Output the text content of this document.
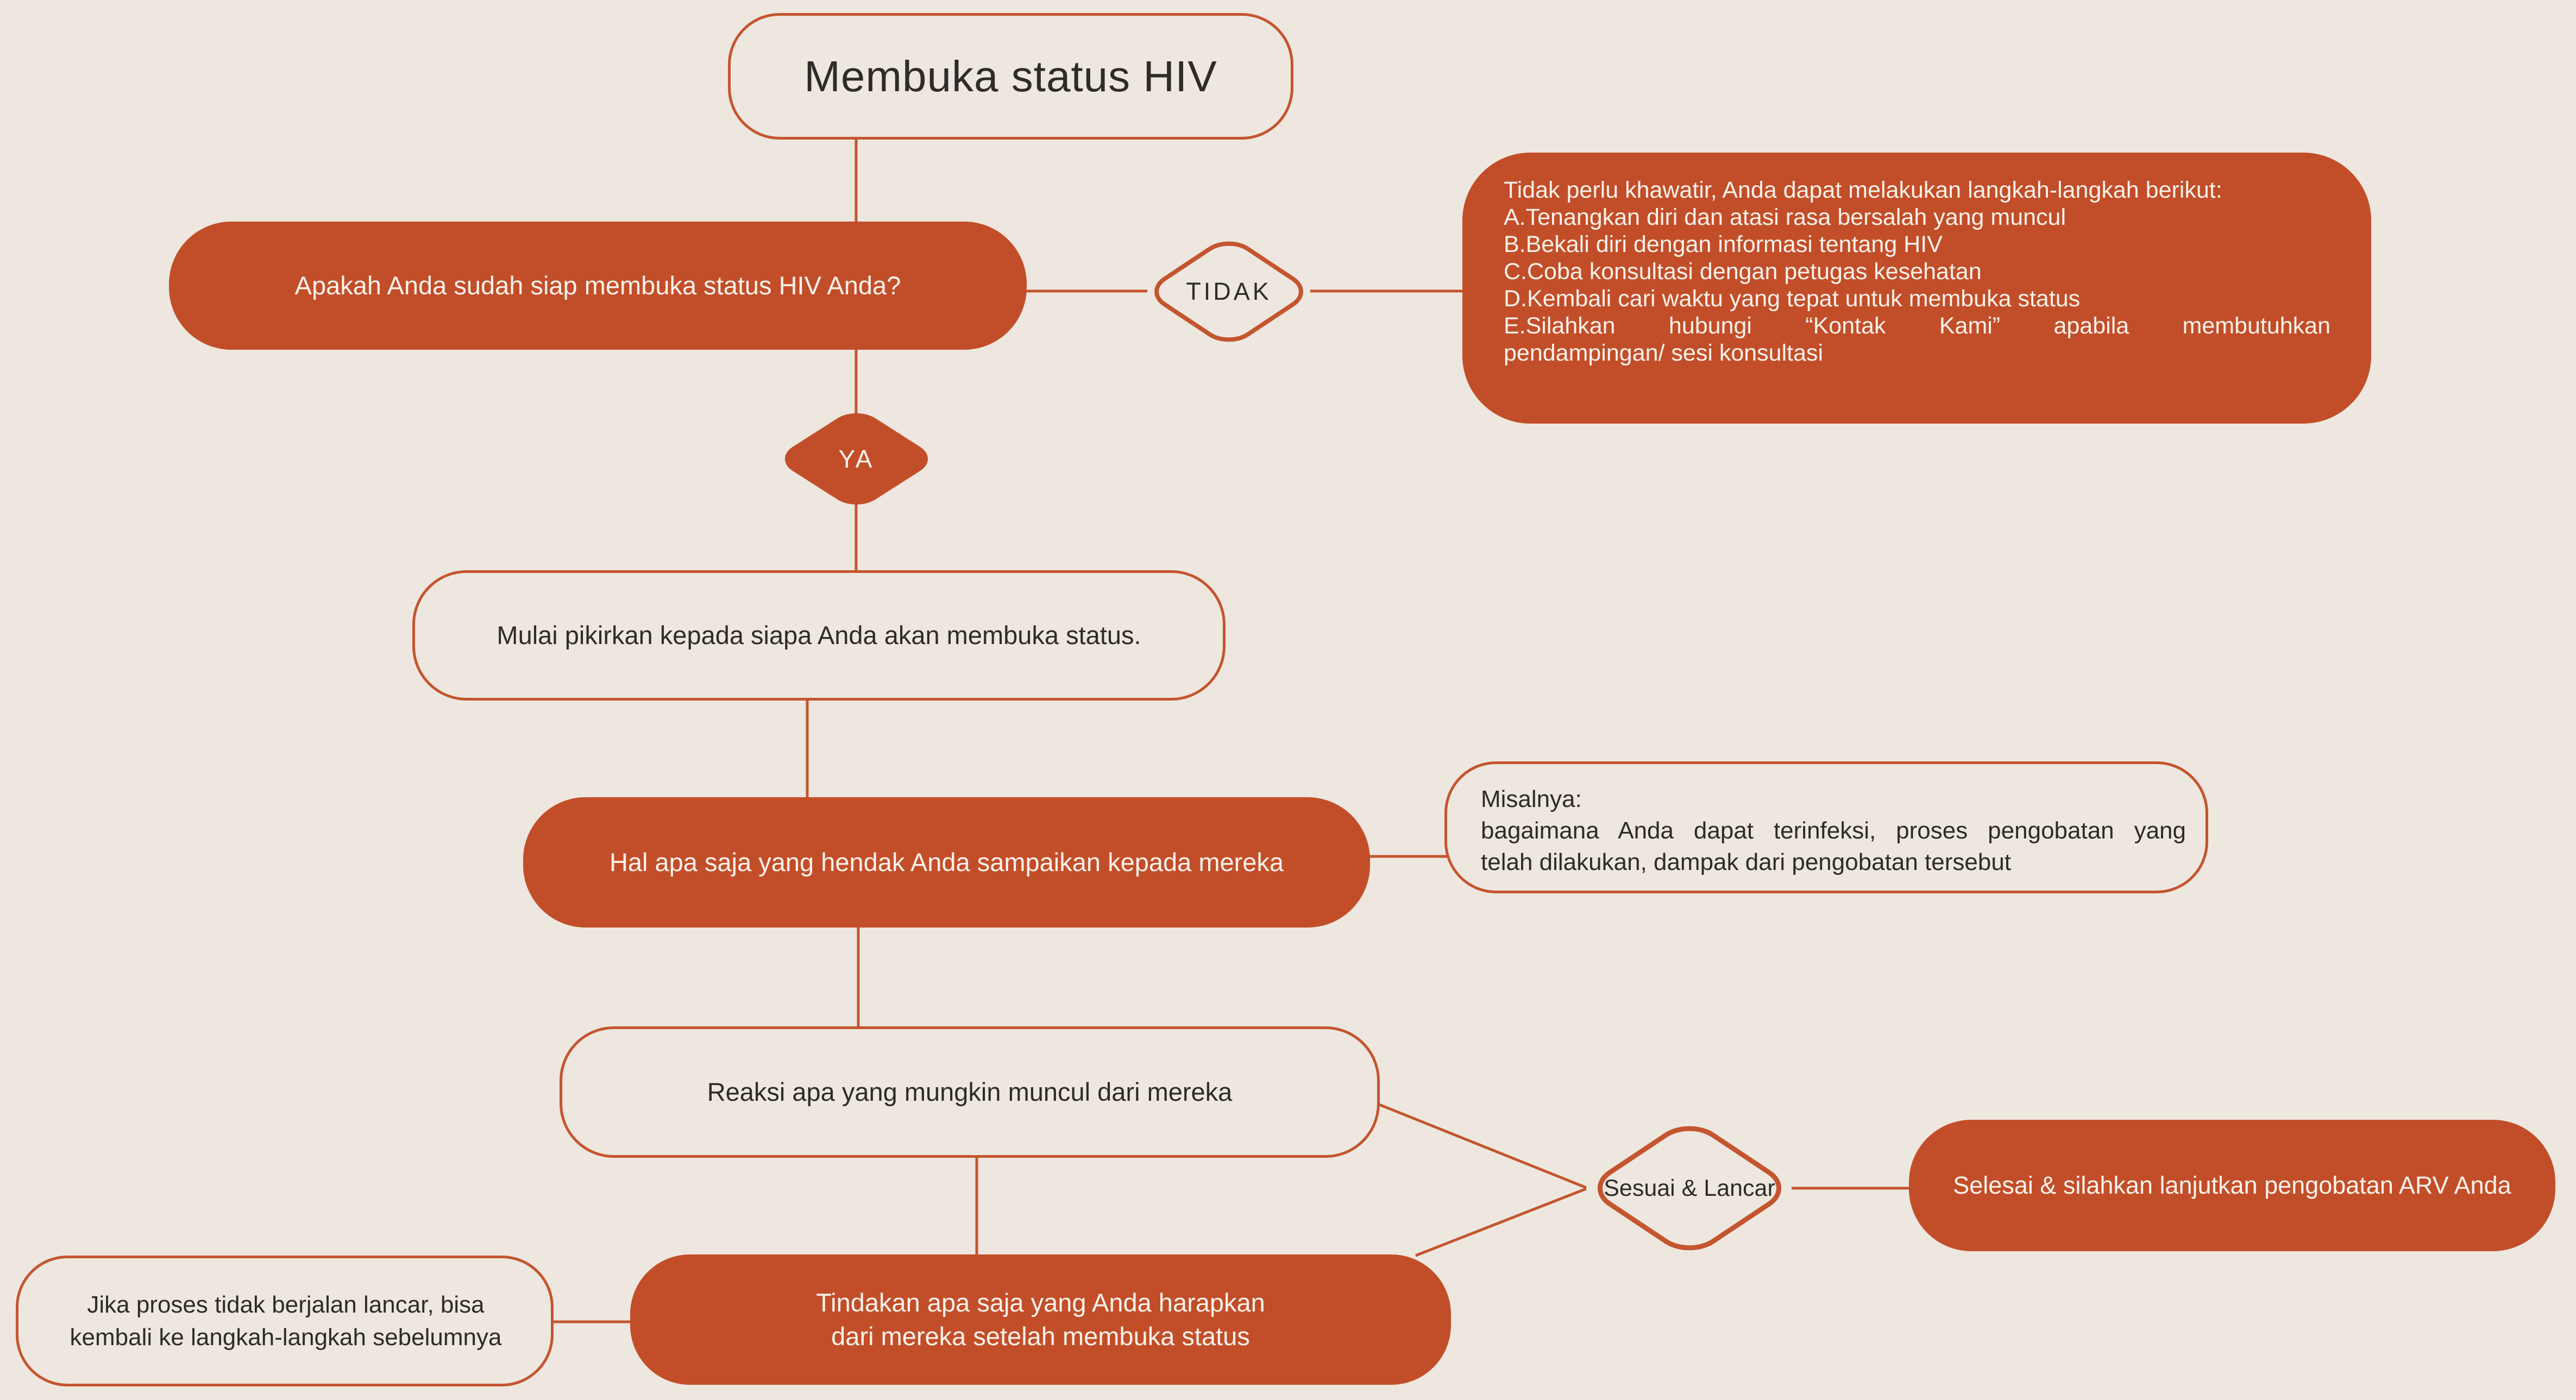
Membuka status HIV
Apakah Anda sudah siap membuka status HIV Anda?	TIDAK
Tidak perlu khawatir, Anda dapat melakukan langkah-langkah berikut:
A.Tenangkan diri dan atasi rasa bersalah yang muncul
B.Bekali diri dengan informasi tentang HIV
C.Coba konsultasi dengan petugas kesehatan
D.Kembali cari waktu yang tepat untuk membuka status
E.Silahkan hubungi “Kontak Kami” apabila membutuhkan
pendampingan/ sesi konsultasi
YA
Mulai pikirkan kepada siapa Anda akan membuka status.
Hal apa saja yang hendak Anda sampaikan kepada mereka
Misalnya:
bagaimana Anda dapat terinfeksi, proses pengobatan yang
telah dilakukan, dampak dari pengobatan tersebut
Reaksi apa yang mungkin muncul dari mereka
Sesuai & Lancar	Selesai & silahkan lanjutkan pengobatan ARV Anda
Tindakan apa saja yang Anda harapkan
dari mereka setelah membuka status
Jika proses tidak berjalan lancar, bisa
kembali ke langkah-langkah sebelumnya
